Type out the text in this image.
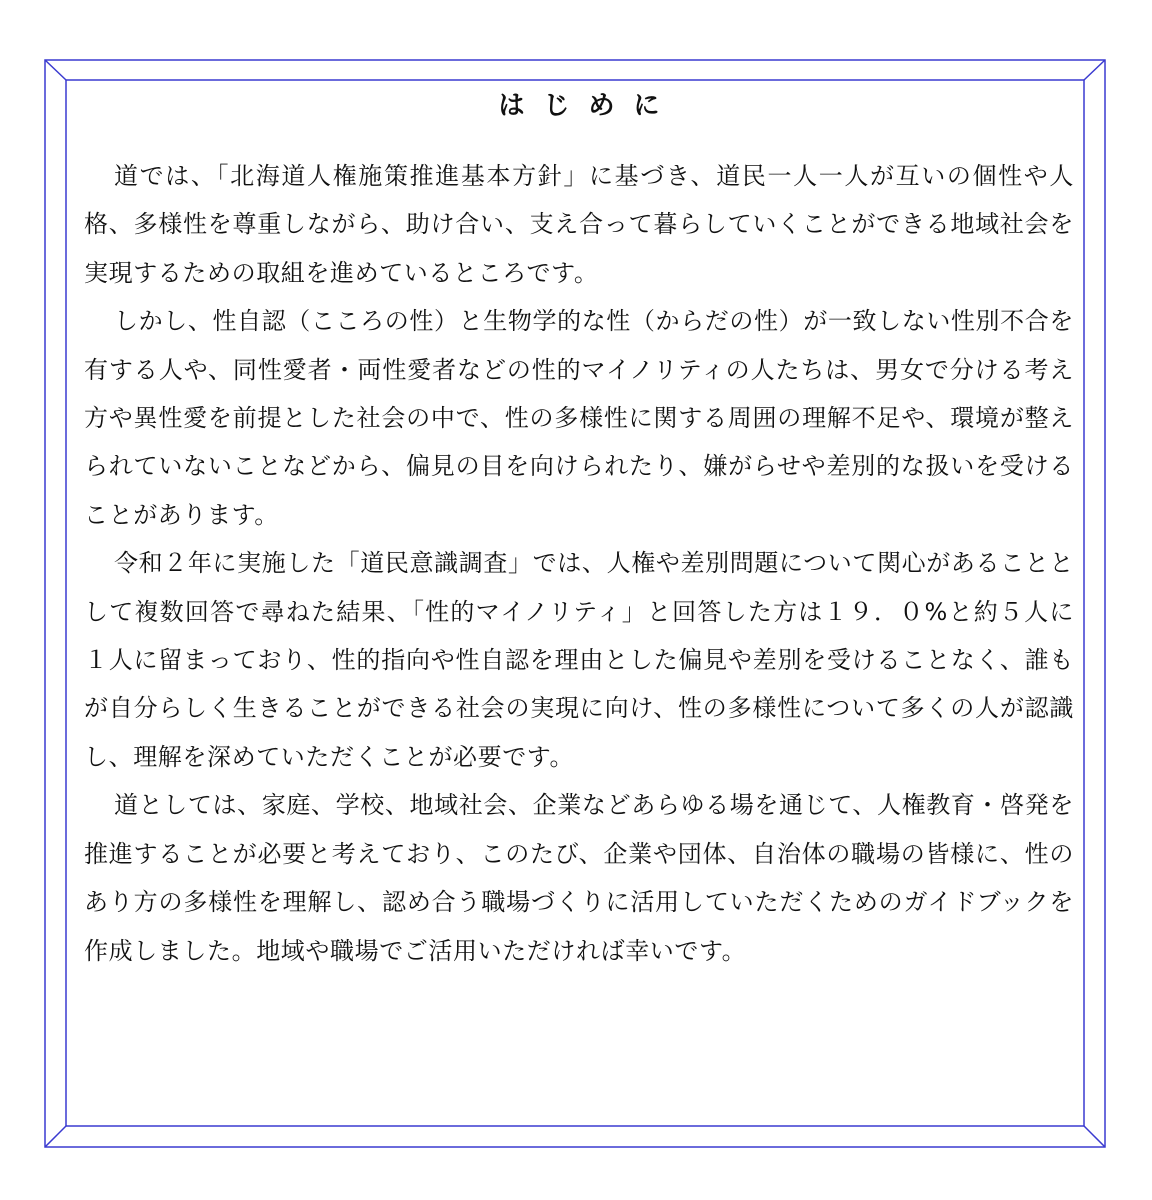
はじめに

道では、「北海道人権施策推進基本方針」に基づき、道民一人一人が互いの個性や人格、多様性を尊重しながら、助け合い、支え合って暮らしていくことができる地域社会を実現するための取組を進めているところです。

しかし、性自認（こころの性）と生物学的な性（からだの性）が一致しない性別不合を有する人や、同性愛者・両性愛者などの性的マイノリティの人たちは、男女で分ける考え方や異性愛を前提とした社会の中で、性の多様性に関する周囲の理解不足や、環境が整えられていないことなどから、偏見の目を向けられたり、嫌がらせや差別的な扱いを受けることがあります。

令和２年に実施した「道民意識調査」では、人権や差別問題について関心があることとして複数回答で尋ねた結果、「性的マイノリティ」と回答した方は１９．０%と約５人に１人に留まっており、性的指向や性自認を理由とした偏見や差別を受けることなく、誰もが自分らしく生きることができる社会の実現に向け、性の多様性について多くの人が認識し、理解を深めていただくことが必要です。

道としては、家庭、学校、地域社会、企業などあらゆる場を通じて、人権教育・啓発を推進することが必要と考えており、このたび、企業や団体、自治体の職場の皆様に、性のあり方の多様性を理解し、認め合う職場づくりに活用していただくためのガイドブックを作成しました。地域や職場でご活用いただければ幸いです。
